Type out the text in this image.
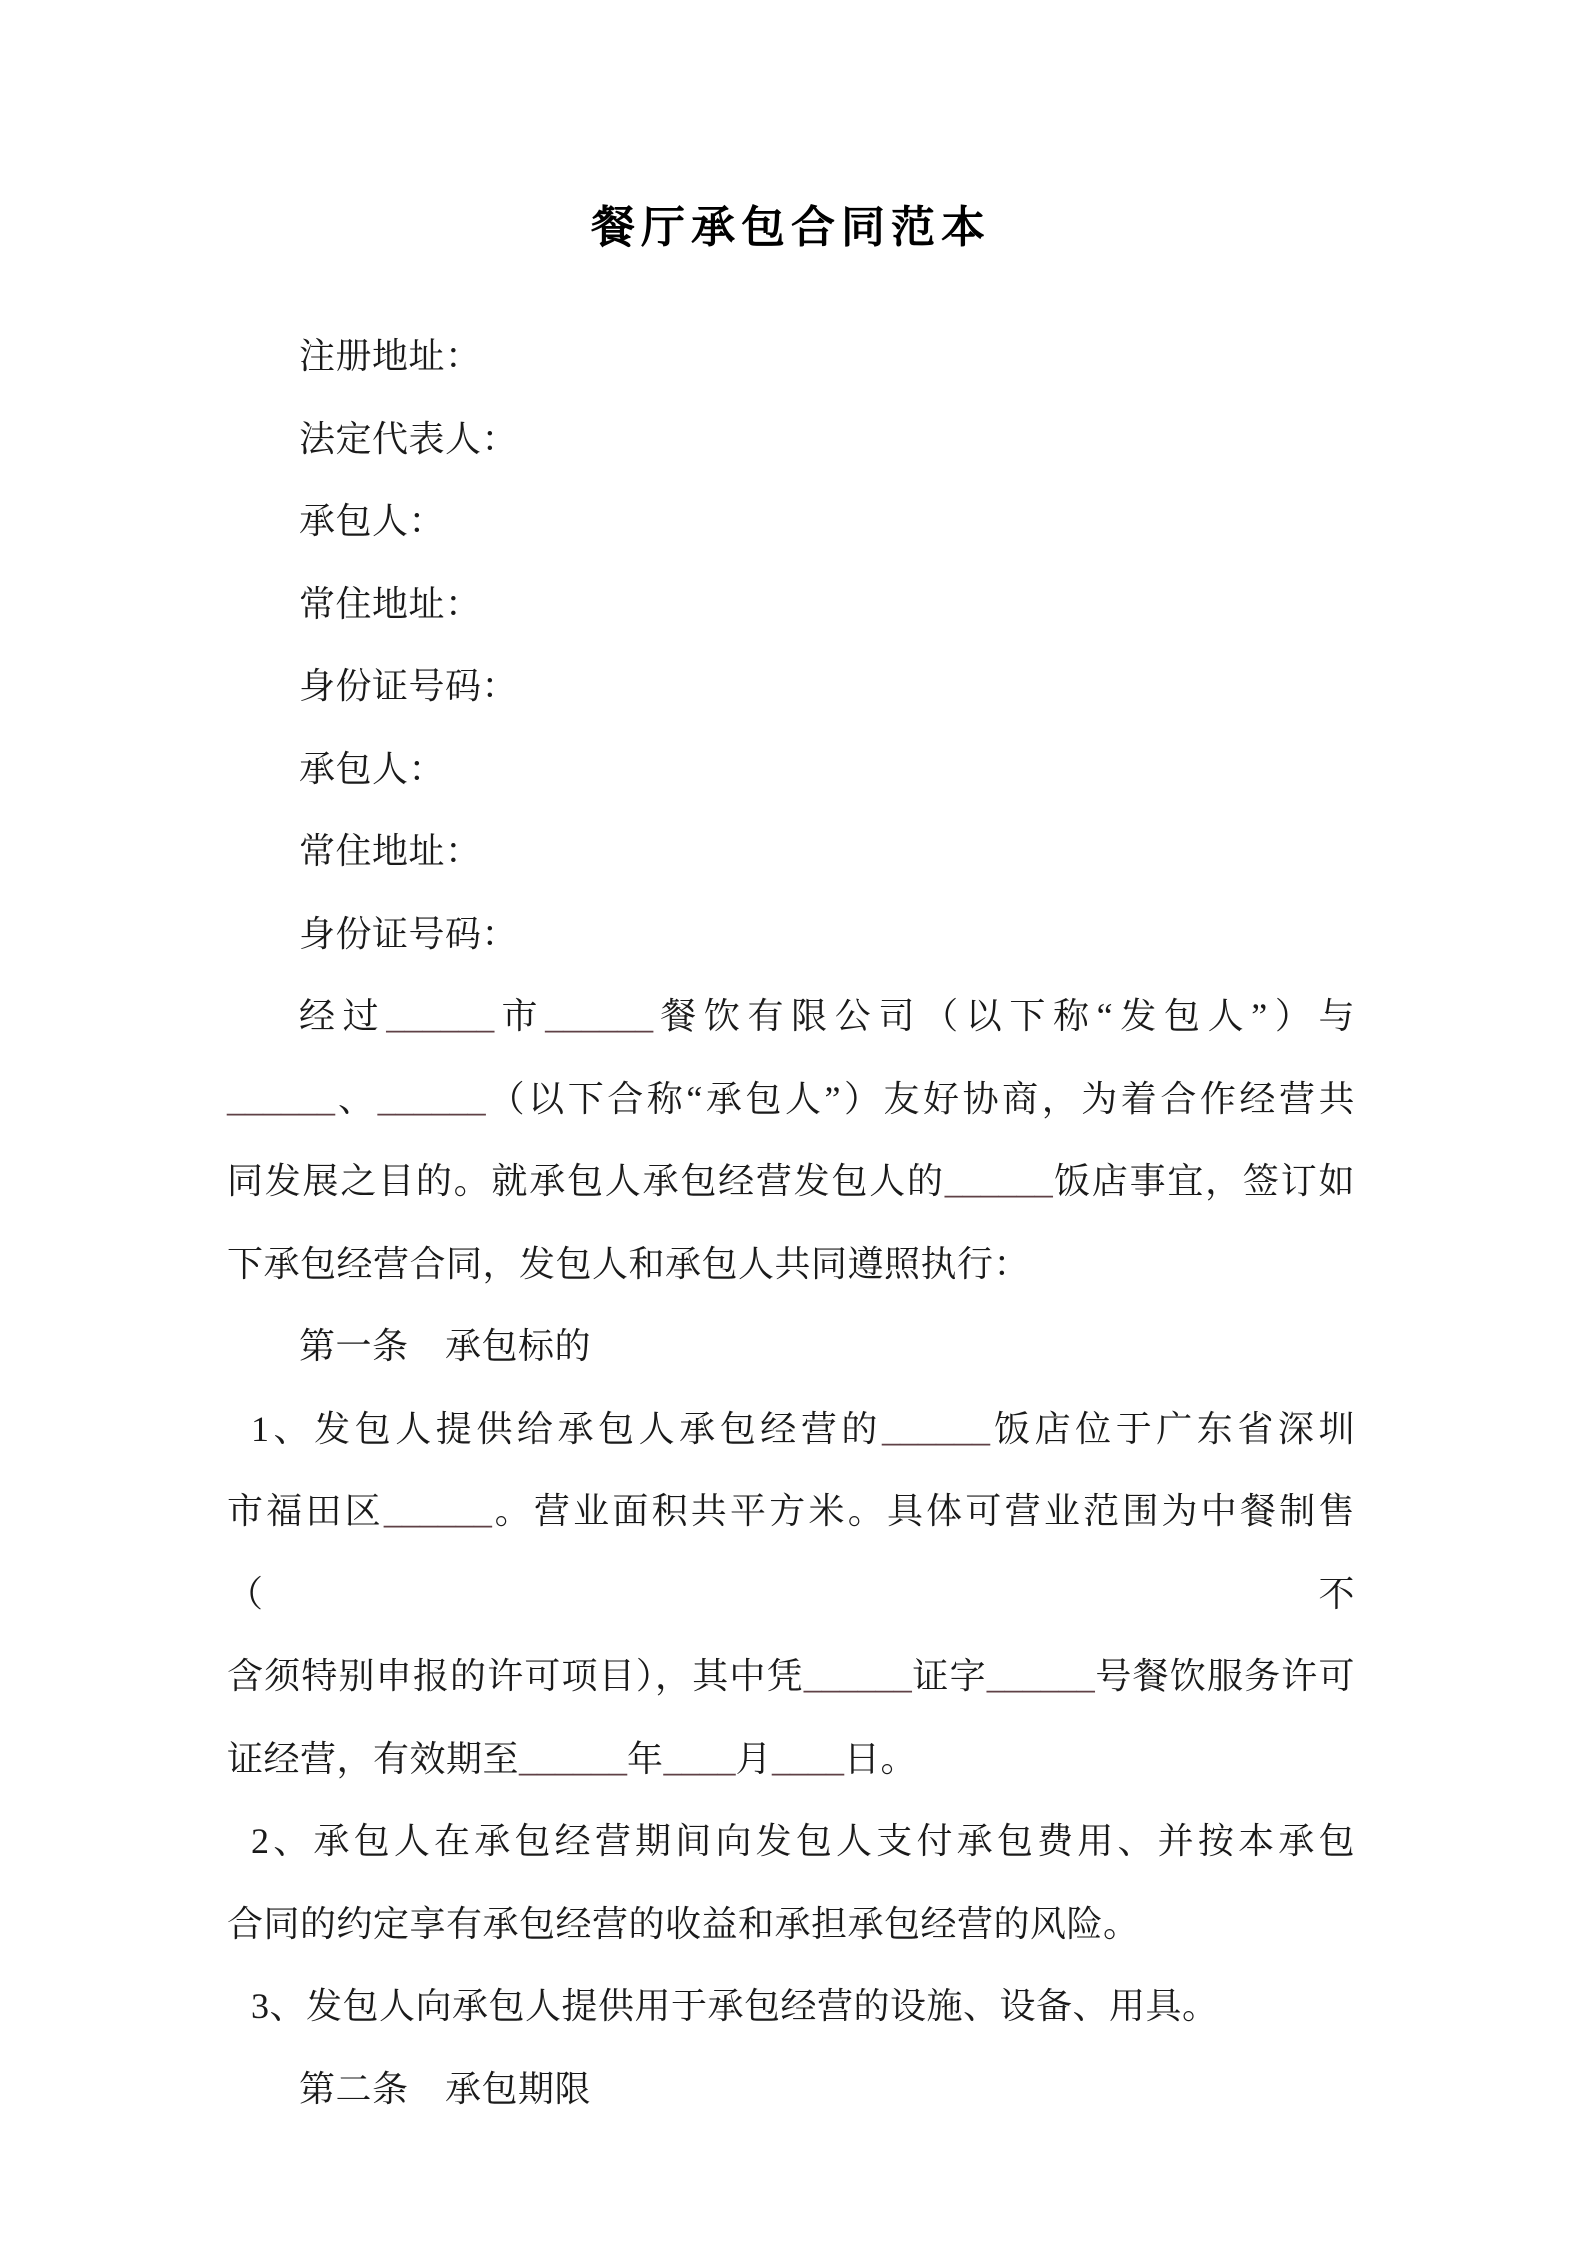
餐厅承包合同范本
注册地址：
法定代表人：
承包人：
常住地址：
身份证号码：
承包人：
常住地址：
身份证号码：
经过______市______餐饮有限公司（以下称“发包人”）与
______、______（以下合称“承包人”）友好协商，为着合作经营共
同发展之目的。就承包人承包经营发包人的______饭店事宜，签订如
下承包经营合同，发包人和承包人共同遵照执行：
第一条　承包标的
1、发包人提供给承包人承包经营的______饭店位于广东省深圳
市福田区______。营业面积共平方米。具体可营业范围为中餐制售（不
含须特别申报的许可项目），其中凭______证字______号餐饮服务许可
证经营，有效期至______年____月____日。
2、承包人在承包经营期间向发包人支付承包费用、并按本承包
合同的约定享有承包经营的收益和承担承包经营的风险。
3、发包人向承包人提供用于承包经营的设施、设备、用具。
第二条　承包期限
